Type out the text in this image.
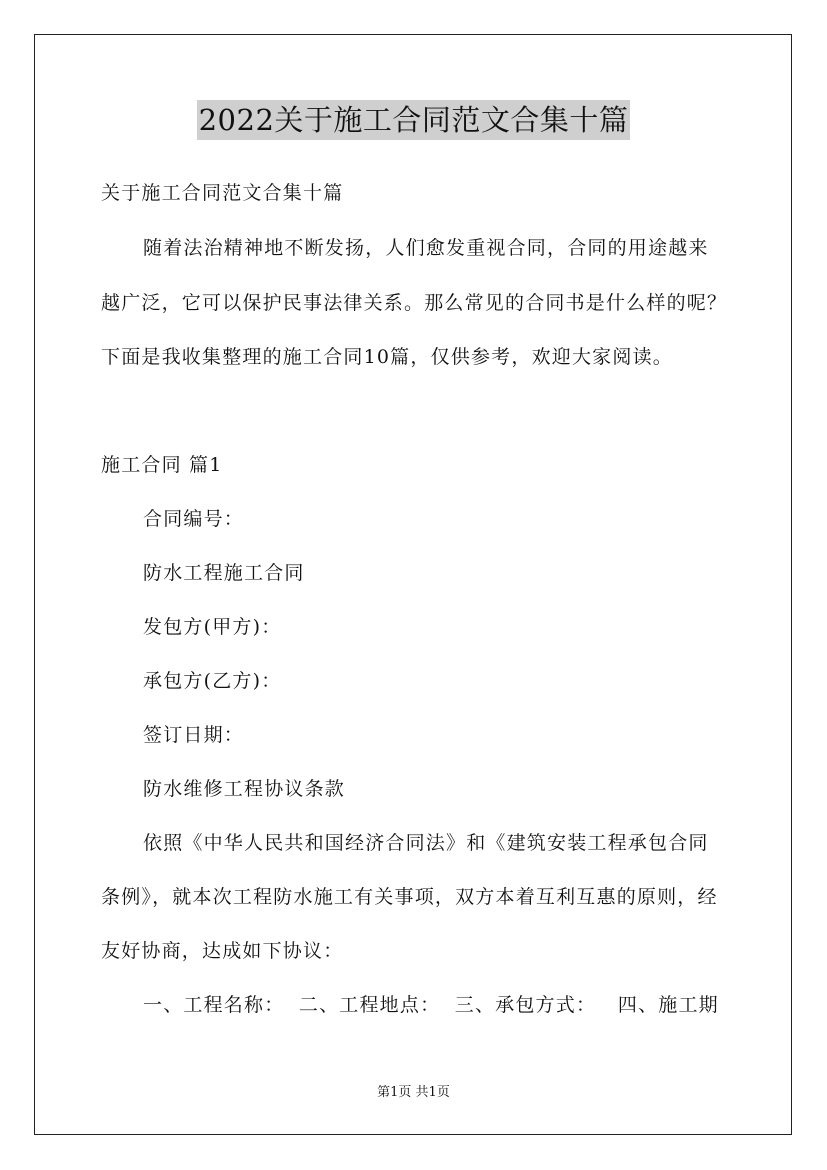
2022关于施工合同范文合集十篇
关于施工合同范文合集十篇
随着法治精神地不断发扬，人们愈发重视合同，合同的用途越来
越广泛，它可以保护民事法律关系。那么常见的合同书是什么样的呢？
下面是我收集整理的施工合同10篇，仅供参考，欢迎大家阅读。
施工合同 篇1
合同编号：
防水工程施工合同
发包方(甲方)：
承包方(乙方)：
签订日期：
防水维修工程协议条款
依照《中华人民共和国经济合同法》和《建筑安装工程承包合同
条例》，就本次工程防水施工有关事项，双方本着互利互惠的原则，经
友好协商，达成如下协议：
一、工程名称：  二、工程地点：  三、承包方式：   四、施工期
第1页 共1页
